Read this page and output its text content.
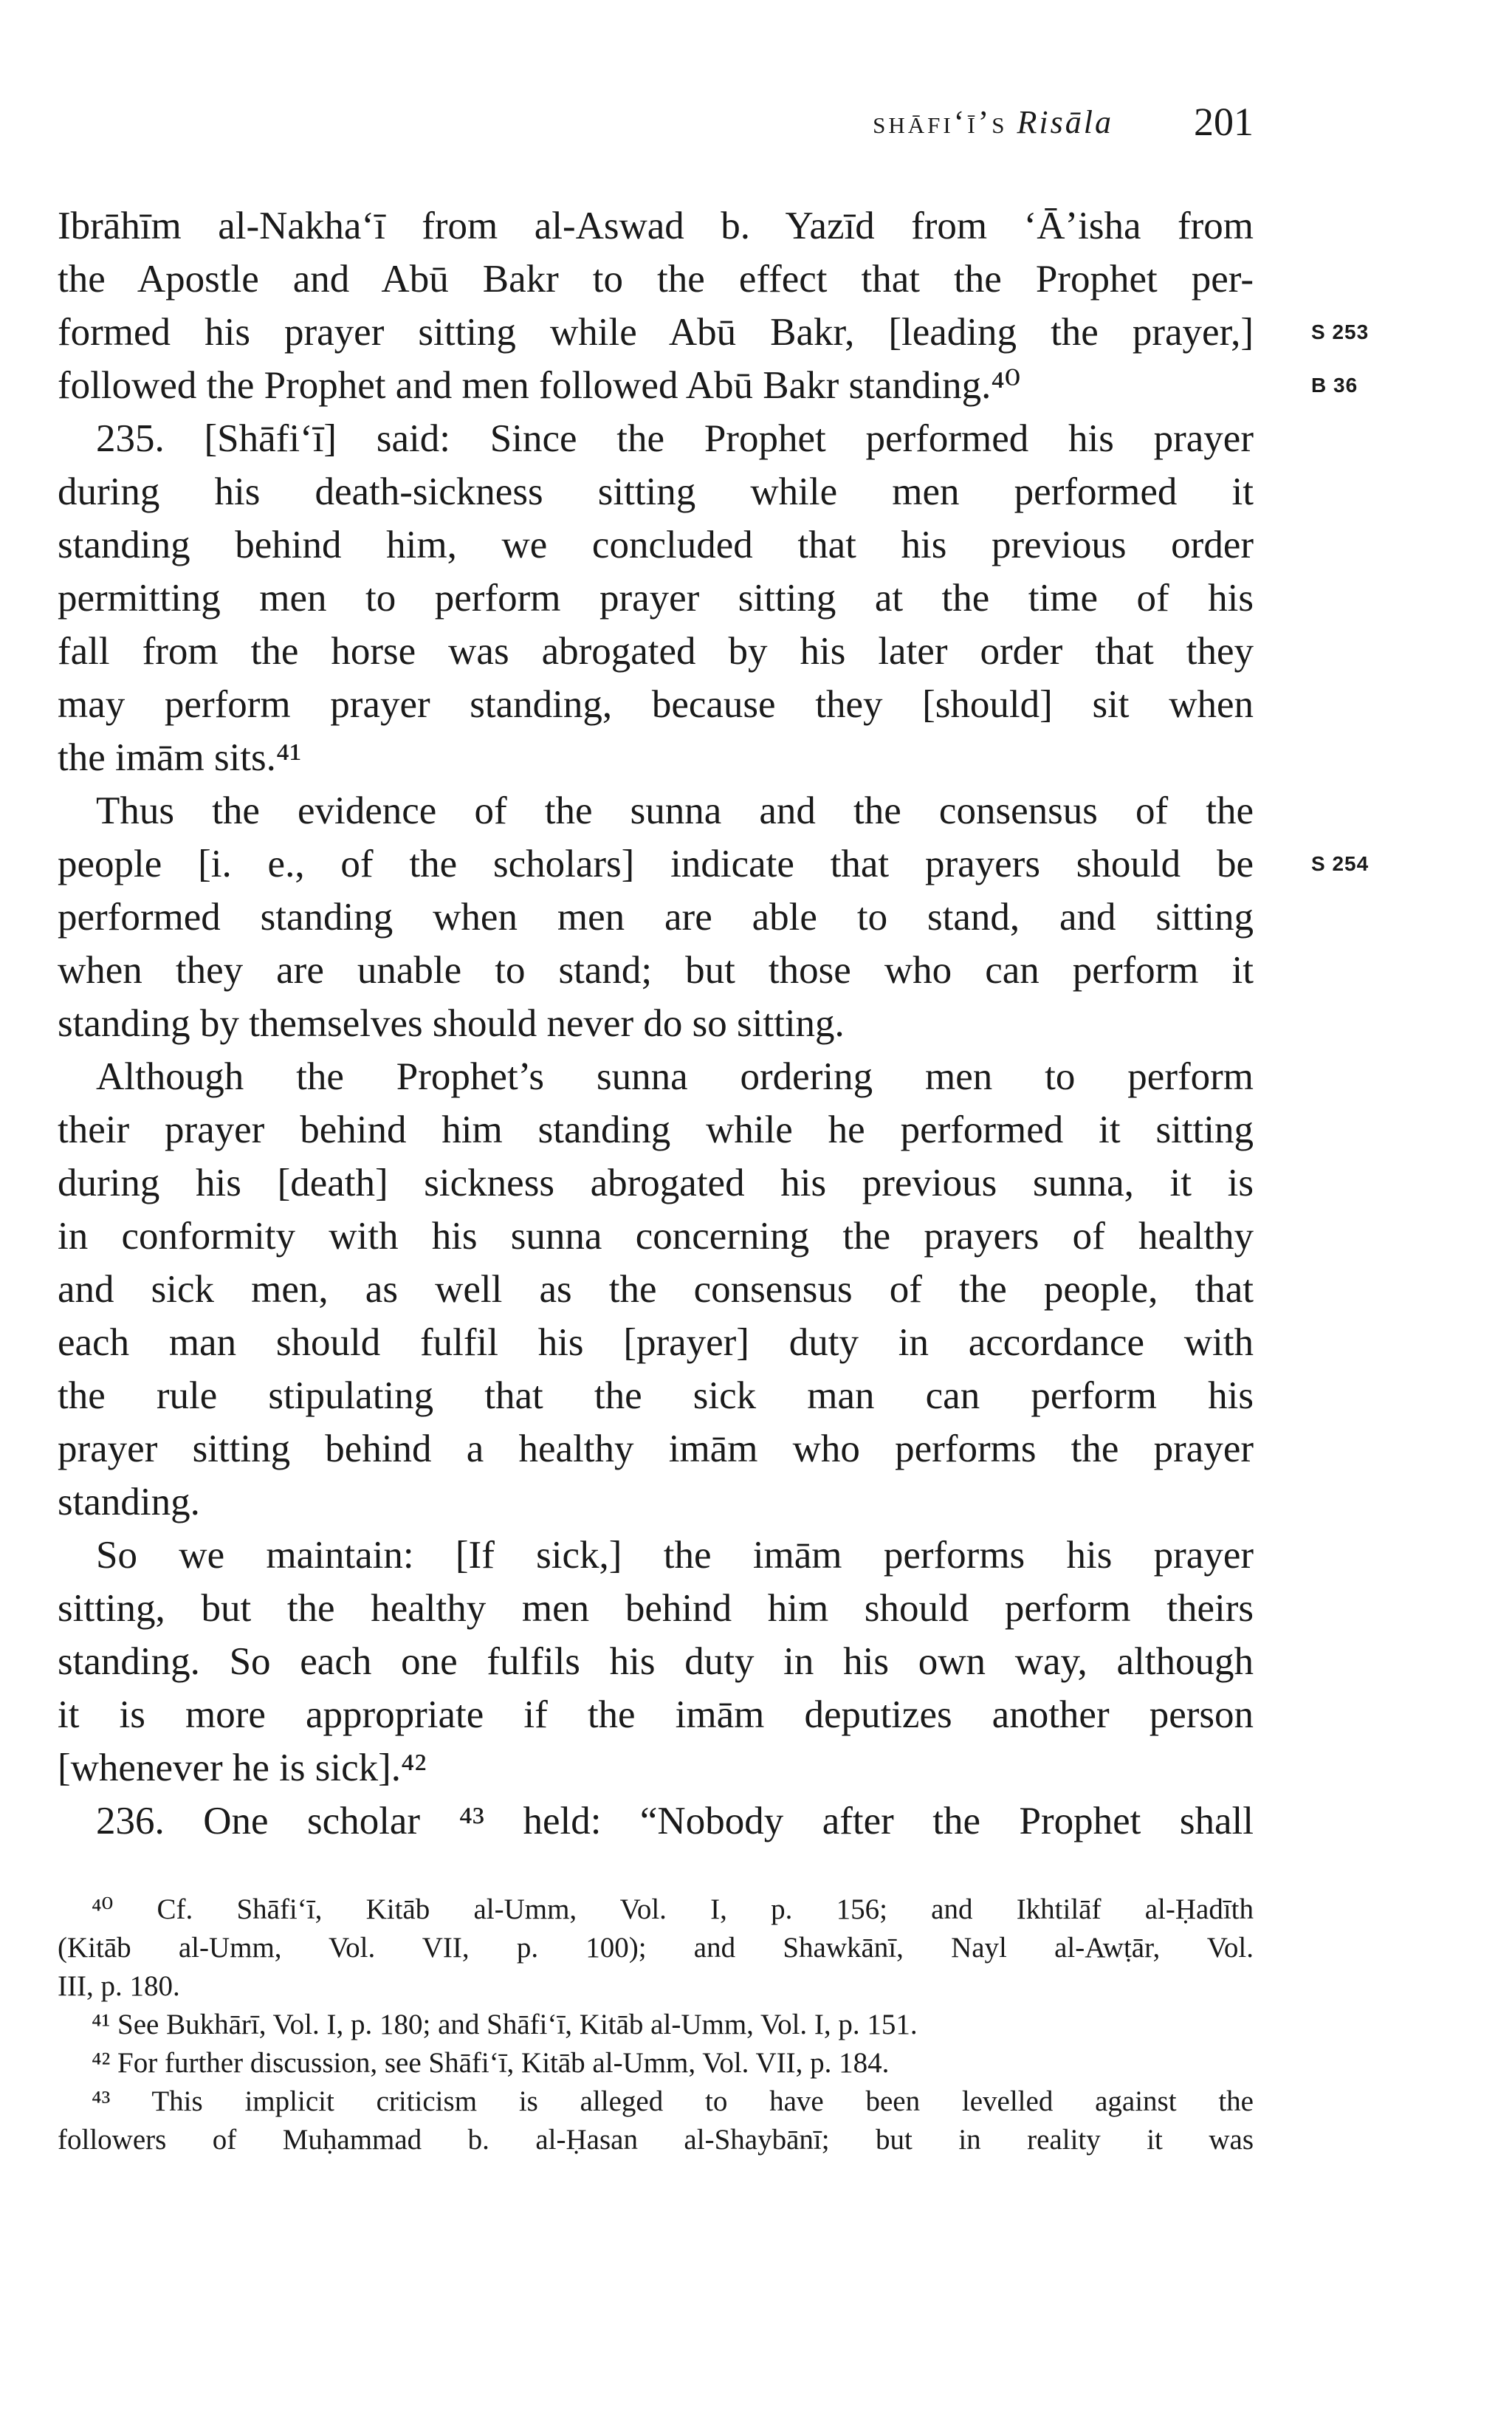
shāfi‘ī’s Risāla 201
S 253
B 36
S 254
Ibrāhīm al-Nakha‘ī from al-Aswad b. Yazīd from ‘Ā’isha from
the Apostle and Abū Bakr to the effect that the Prophet per-
formed his prayer sitting while Abū Bakr, [leading the prayer,]
followed the Prophet and men followed Abū Bakr standing.⁴⁰
235. [Shāfi‘ī] said: Since the Prophet performed his prayer
during his death-sickness sitting while men performed it
standing behind him, we concluded that his previous order
permitting men to perform prayer sitting at the time of his
fall from the horse was abrogated by his later order that they
may perform prayer standing, because they [should] sit when
the imām sits.⁴¹
Thus the evidence of the sunna and the consensus of the
people [i. e., of the scholars] indicate that prayers should be
performed standing when men are able to stand, and sitting
when they are unable to stand; but those who can perform it
standing by themselves should never do so sitting.
Although the Prophet’s sunna ordering men to perform
their prayer behind him standing while he performed it sitting
during his [death] sickness abrogated his previous sunna, it is
in conformity with his sunna concerning the prayers of healthy
and sick men, as well as the consensus of the people, that
each man should fulfil his [prayer] duty in accordance with
the rule stipulating that the sick man can perform his
prayer sitting behind a healthy imām who performs the prayer
standing.
So we maintain: [If sick,] the imām performs his prayer
sitting, but the healthy men behind him should perform theirs
standing. So each one fulfils his duty in his own way, although
it is more appropriate if the imām deputizes another person
[whenever he is sick].⁴²
236. One scholar ⁴³ held: “Nobody after the Prophet shall
⁴⁰ Cf. Shāfi‘ī, Kitāb al-Umm, Vol. I, p. 156; and Ikhtilāf al-Ḥadīth
(Kitāb al-Umm, Vol. VII, p. 100); and Shawkānī, Nayl al-Awṭār, Vol.
III, p. 180.
⁴¹ See Bukhārī, Vol. I, p. 180; and Shāfi‘ī, Kitāb al-Umm, Vol. I, p. 151.
⁴² For further discussion, see Shāfi‘ī, Kitāb al-Umm, Vol. VII, p. 184.
⁴³ This implicit criticism is alleged to have been levelled against the
followers of Muḥammad b. al-Ḥasan al-Shaybānī; but in reality it was
